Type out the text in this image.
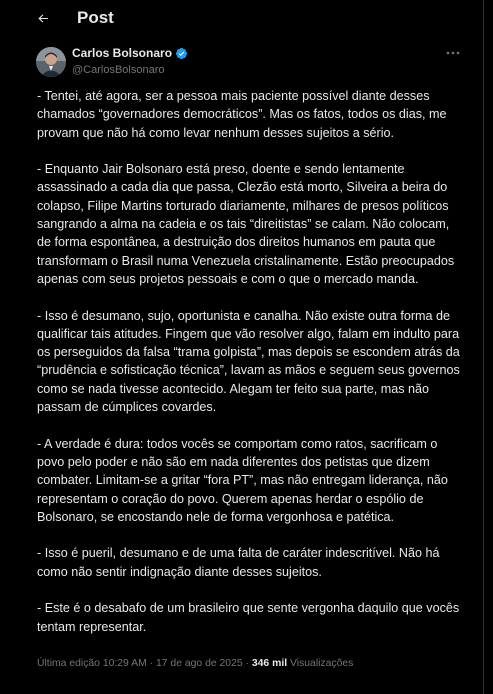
Post
Carlos Bolsonaro
@CarlosBolsonaro

- Tentei, até agora, ser a pessoa mais paciente possível diante desses chamados “governadores democráticos”. Mas os fatos, todos os dias, me provam que não há como levar nenhum desses sujeitos a sério.

- Enquanto Jair Bolsonaro está preso, doente e sendo lentamente assassinado a cada dia que passa, Clezão está morto, Silveira a beira do colapso, Filipe Martins torturado diariamente, milhares de presos políticos sangrando a alma na cadeia e os tais “direitistas” se calam. Não colocam, de forma espontânea, a destruição dos direitos humanos em pauta que transformam o Brasil numa Venezuela cristalinamente. Estão preocupados apenas com seus projetos pessoais e com o que o mercado manda.

- Isso é desumano, sujo, oportunista e canalha. Não existe outra forma de qualificar tais atitudes. Fingem que vão resolver algo, falam em indulto para os perseguidos da falsa “trama golpista”, mas depois se escondem atrás da “prudência e sofisticação técnica”, lavam as mãos e seguem seus governos como se nada tivesse acontecido. Alegam ter feito sua parte, mas não passam de cúmplices covardes.

- A verdade é dura: todos vocês se comportam como ratos, sacrificam o povo pelo poder e não são em nada diferentes dos petistas que dizem combater. Limitam-se a gritar “fora PT”, mas não entregam liderança, não representam o coração do povo. Querem apenas herdar o espólio de Bolsonaro, se encostando nele de forma vergonhosa e patética.

- Isso é pueril, desumano e de uma falta de caráter indescritível. Não há como não sentir indignação diante desses sujeitos.

- Este é o desabafo de um brasileiro que sente vergonha daquilo que vocês tentam representar.

Última edição 10:29 AM · 17 de ago de 2025 · 346 mil Visualizações
